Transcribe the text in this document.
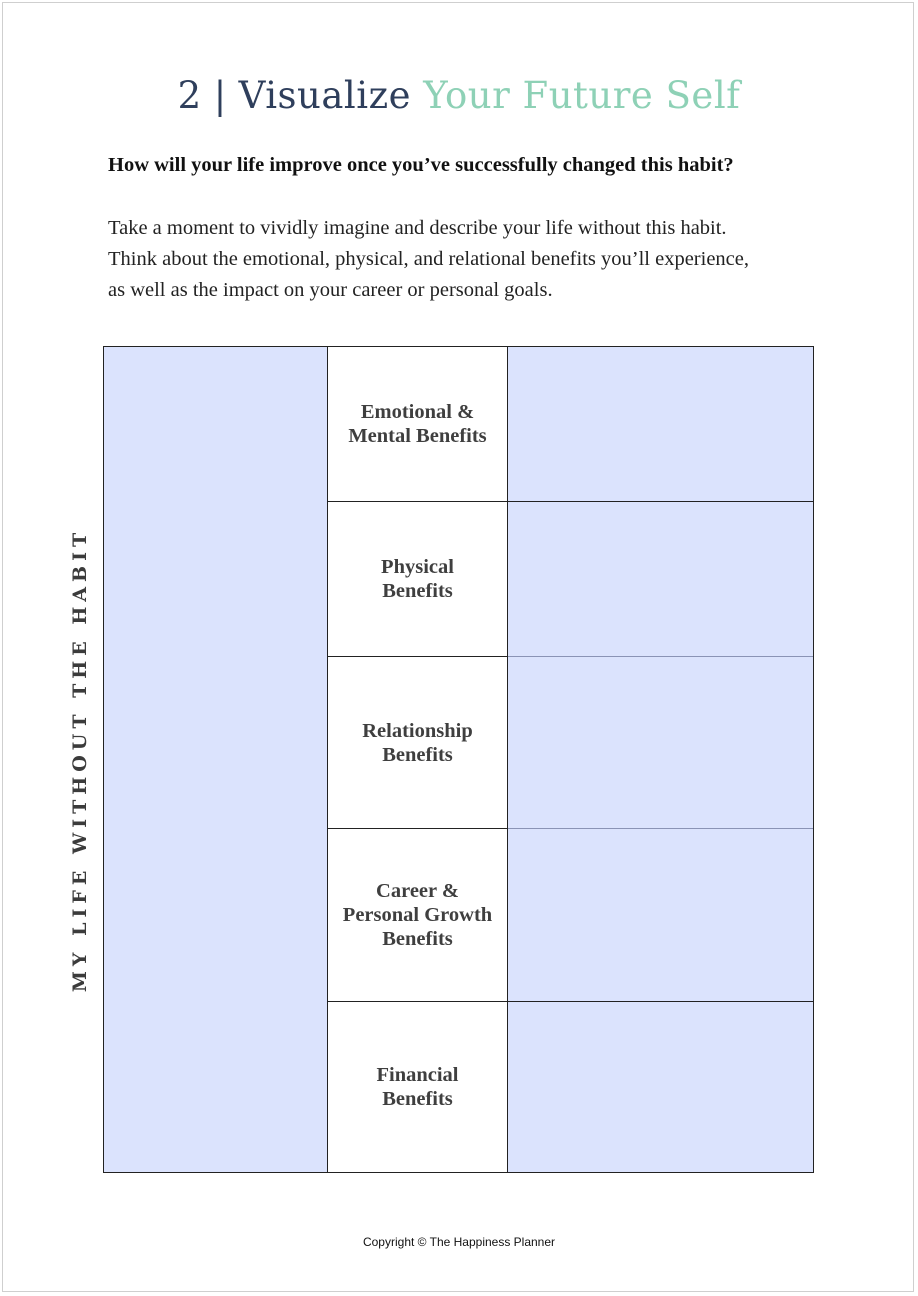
2 | Visualize Your Future Self
How will your life improve once you’ve successfully changed this habit?
Take a moment to vividly imagine and describe your life without this habit.
Think about the emotional, physical, and relational benefits you’ll experience,
as well as the impact on your career or personal goals.
MY LIFE WITHOUT THE HABIT
Emotional &
Mental Benefits
Physical
Benefits
Relationship
Benefits
Career &
Personal Growth
Benefits
Financial
Benefits
Copyright © The Happiness Planner
